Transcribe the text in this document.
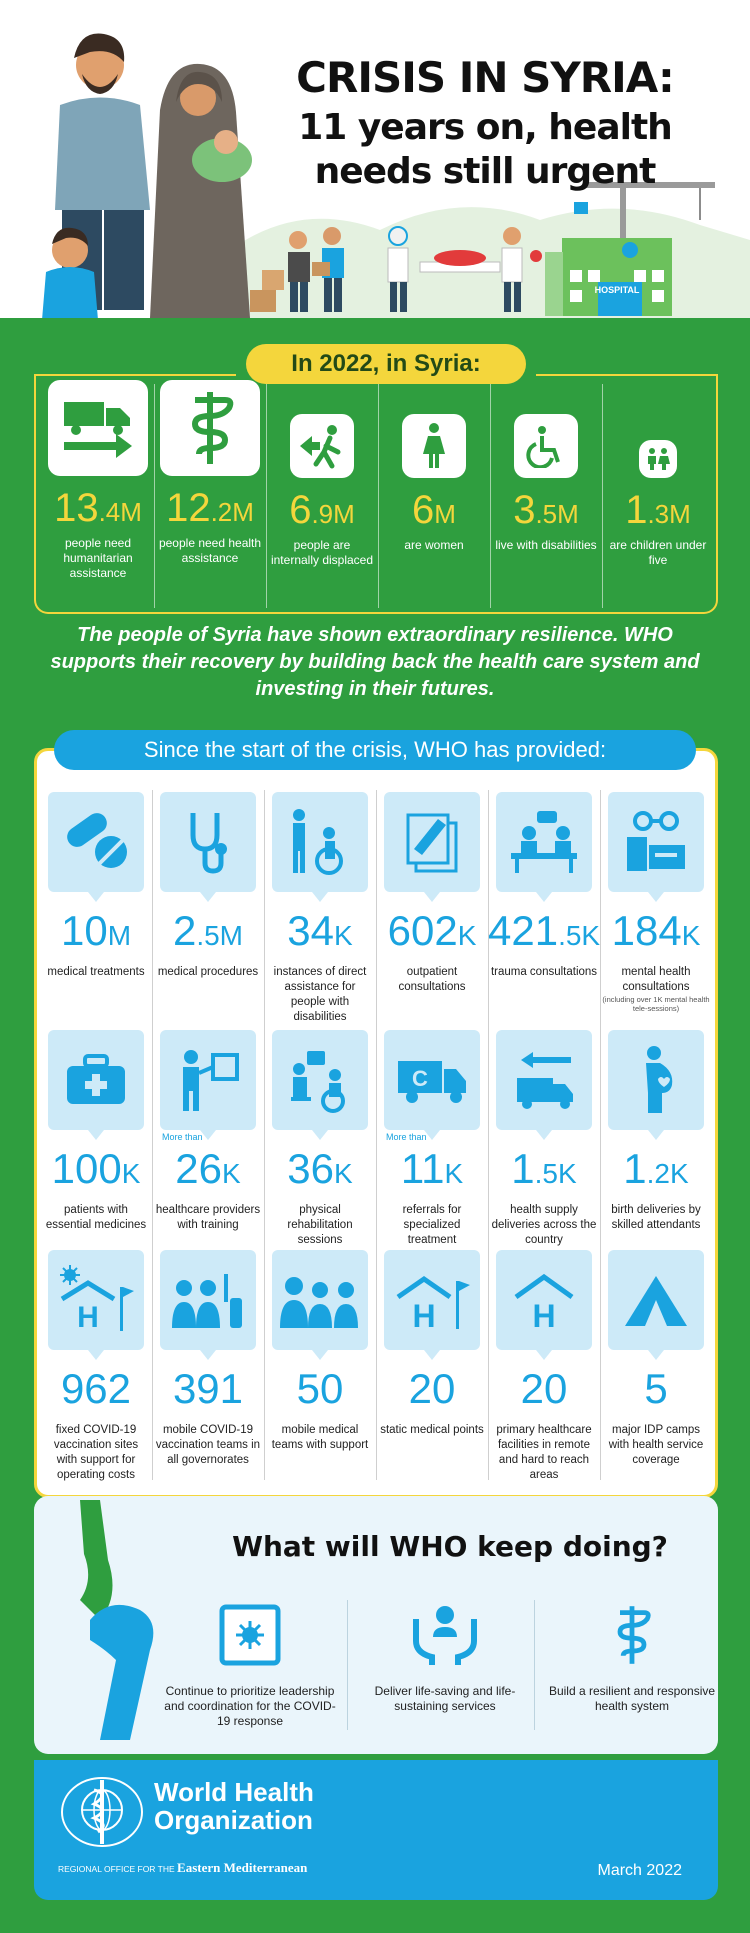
HOSPITAL
CRISIS IN SYRIA:
11 years on, health
needs still urgent
In 2022, in Syria:
13.4M
people need humanitarian assistance
12.2M
people need health assistance
6.9M
people are internally displaced
6M
are women
3.5M
live with disabilities
1.3M
are children under five
The people of Syria have shown extraordinary resilience. WHO supports their recovery by building back the health care system and investing in their futures.
Since the start of the crisis, WHO has provided:
10M
medical treatments
2.5M
medical procedures
34K
instances of direct assistance for people with disabilities
602K
outpatient consultations
421.5K
trauma consultations
184K
mental health consultations
(including over 1K mental health tele-sessions)
100K
patients with essential medicines
More than
26K
healthcare providers with training
36K
physical rehabilitation sessions
C
More than
11K
referrals for specialized treatment
1.5K
health supply deliveries across the country
1.2K
birth deliveries by skilled attendants
H
962
fixed COVID-19 vaccination sites with support for operating costs
391
mobile COVID-19 vaccination teams in all governorates
50
mobile medical teams with support
H
20
static medical points
H
20
primary healthcare facilities in remote and hard to reach areas
5
major IDP camps with health service coverage
What will WHO keep doing?
Continue to prioritize leadership and coordination for the COVID-19 response
Deliver life-saving and life-sustaining services
Build a resilient and responsive health system
World Health
Organization
REGIONAL OFFICE FOR THE Eastern Mediterranean	March 2022
